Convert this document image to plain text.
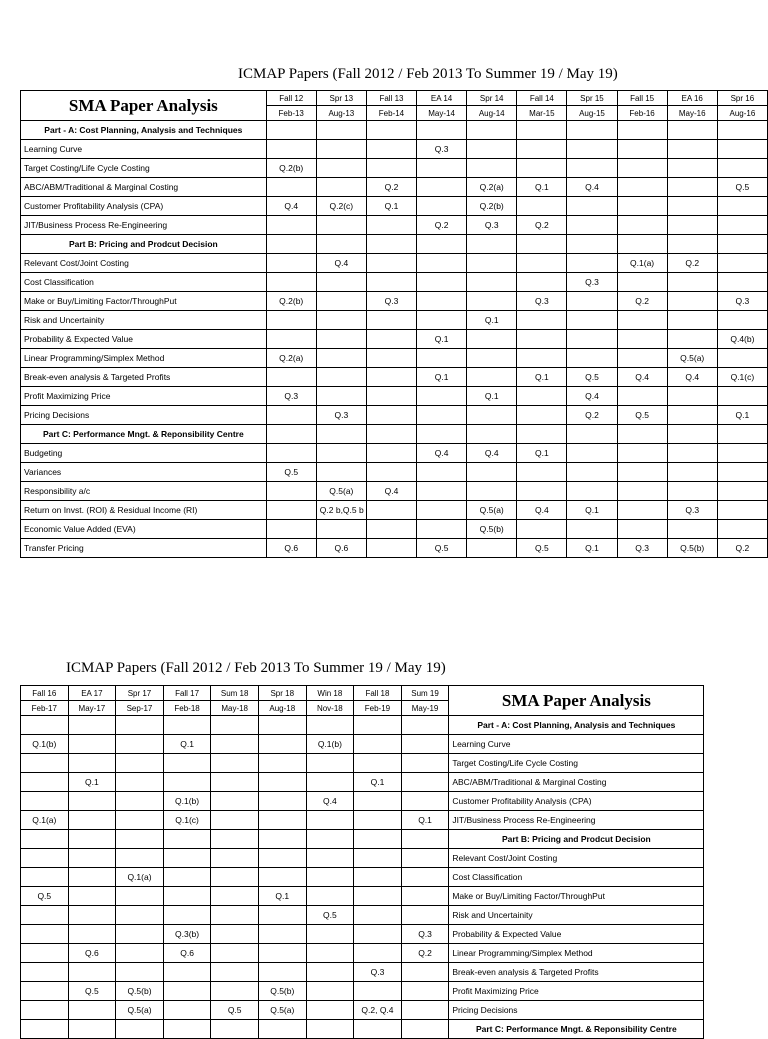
ICMAP Papers (Fall 2012 / Feb 2013 To Summer 19 / May 19)
SMA Paper Analysis	Fall 12	Spr 13	Fall 13	EA 14	Spr 14	Fall 14	Spr 15	Fall 15	EA 16	Spr 16
	Feb-13	Aug-13	Feb-14	May-14	Aug-14	Mar-15	Aug-15	Feb-16	May-16	Aug-16
Part - A: Cost Planning, Analysis and Techniques										
Learning Curve				Q.3						
Target Costing/Life Cycle Costing	Q.2(b)									
ABC/ABM/Traditional & Marginal Costing			Q.2		Q.2(a)	Q.1	Q.4			Q.5
Customer Profitability Analysis (CPA)	Q.4	Q.2(c)	Q.1		Q.2(b)					
JIT/Business Process Re-Engineering				Q.2	Q.3	Q.2				
Part B: Pricing and Prodcut Decision										
Relevant Cost/Joint Costing		Q.4						Q.1(a)	Q.2	
Cost Classification							Q.3			
Make or Buy/Limiting Factor/ThroughPut	Q.2(b)		Q.3			Q.3		Q.2		Q.3
Risk and Uncertainity					Q.1					
Probability & Expected Value				Q.1						Q.4(b)
Linear Programming/Simplex Method	Q.2(a)								Q.5(a)	
Break-even analysis & Targeted Profits				Q.1		Q.1	Q.5	Q.4	Q.4	Q.1(c)
Profit Maximizing Price	Q.3				Q.1		Q.4			
Pricing Decisions		Q.3					Q.2	Q.5		Q.1
Part C: Performance Mngt. & Reponsibility Centre										
Budgeting				Q.4	Q.4	Q.1				
Variances	Q.5									
Responsibility a/c		Q.5(a)	Q.4							
Return on Invst. (ROI) & Residual Income (RI)		Q.2 b,Q.5 b			Q.5(a)	Q.4	Q.1		Q.3	
Economic Value Added (EVA)					Q.5(b)					
Transfer Pricing	Q.6	Q.6		Q.5		Q.5	Q.1	Q.3	Q.5(b)	Q.2
ICMAP Papers (Fall 2012 / Feb 2013 To Summer 19 / May 19)
Fall 16	EA 17	Spr 17	Fall 17	Sum 18	Spr 18	Win 18	Fall 18	Sum 19	SMA Paper Analysis
Feb-17	May-17	Sep-17	Feb-18	May-18	Aug-18	Nov-18	Feb-19	May-19	
									Part - A: Cost Planning, Analysis and Techniques
Q.1(b)			Q.1			Q.1(b)			Learning Curve
									Target Costing/Life Cycle Costing
	Q.1						Q.1		ABC/ABM/Traditional & Marginal Costing
			Q.1(b)			Q.4			Customer Profitability Analysis (CPA)
Q.1(a)			Q.1(c)					Q.1	JIT/Business Process Re-Engineering
									Part B: Pricing and Prodcut Decision
									Relevant Cost/Joint Costing
		Q.1(a)							Cost Classification
Q.5					Q.1				Make or Buy/Limiting Factor/ThroughPut
						Q.5			Risk and Uncertainity
			Q.3(b)					Q.3	Probability & Expected Value
	Q.6		Q.6					Q.2	Linear Programming/Simplex Method
							Q.3		Break-even analysis & Targeted Profits
	Q.5	Q.5(b)			Q.5(b)				Profit Maximizing Price
		Q.5(a)		Q.5	Q.5(a)		Q.2, Q.4		Pricing Decisions
									Part C: Performance Mngt. & Reponsibility Centre
